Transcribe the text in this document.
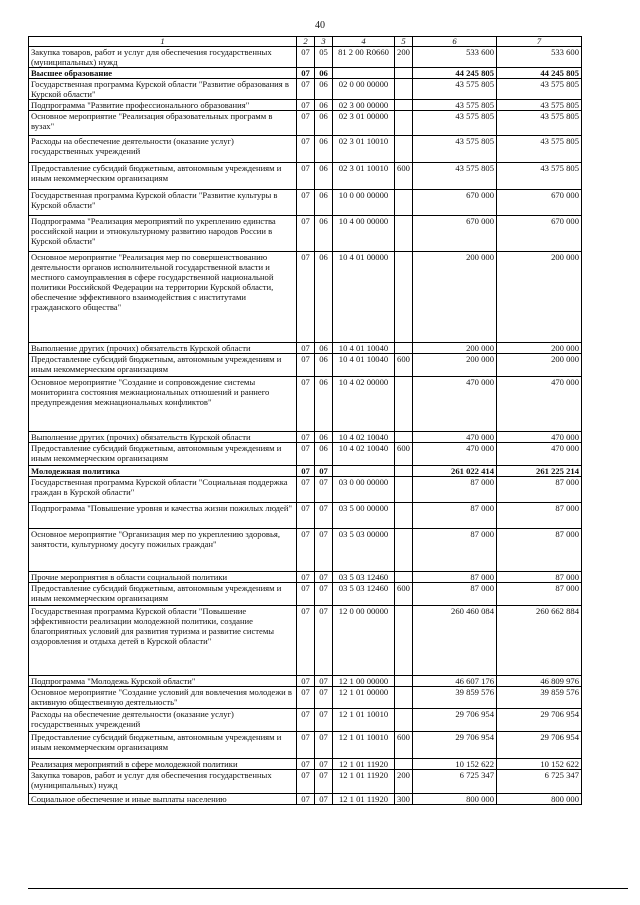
40
1	2	3	4	5	6	7
Закупка товаров, работ и услуг для обеспечения государственных (муниципальных) нужд	07	05	81 2 00 R0660	200	533 600	533 600
Высшее образование	07	06			44 245 805	44 245 805
Государственная программа Курской области "Развитие образования в Курской области"	07	06	02 0 00 00000		43 575 805	43 575 805
Подпрограмма "Развитие профессионального образования"	07	06	02 3 00 00000		43 575 805	43 575 805
Основное мероприятие "Реализация образовательных программ в вузах"	07	06	02 3 01 00000		43 575 805	43 575 805
Расходы на обеспечение деятельности (оказание услуг) государственных учреждений	07	06	02 3 01 10010		43 575 805	43 575 805
Предоставление субсидий бюджетным, автономным учреждениям и иным некоммерческим организациям	07	06	02 3 01 10010	600	43 575 805	43 575 805
Государственная программа Курской области "Развитие культуры в Курской области"	07	06	10 0 00 00000		670 000	670 000
Подпрограмма "Реализация мероприятий по укреплению единства российской нации и этнокультурному развитию народов России в Курской области"	07	06	10 4 00 00000		670 000	670 000
Основное мероприятие "Реализация мер по совершенствованию деятельности органов исполнительной государственной власти и местного самоуправления в сфере государственной национальной политики Российской Федерации на территории Курской области, обеспечение эффективного взаимодействия с институтами гражданского общества"	07	06	10 4 01 00000		200 000	200 000
Выполнение других (прочих) обязательств Курской области	07	06	10 4 01 10040		200 000	200 000
Предоставление субсидий бюджетным, автономным учреждениям и иным некоммерческим организациям	07	06	10 4 01 10040	600	200 000	200 000
Основное мероприятие "Создание и сопровождение системы мониторинга состояния межнациональных отношений и раннего предупреждения межнациональных конфликтов"	07	06	10 4 02 00000		470 000	470 000
Выполнение других (прочих) обязательств Курской области	07	06	10 4 02 10040		470 000	470 000
Предоставление субсидий бюджетным, автономным учреждениям и иным некоммерческим организациям	07	06	10 4 02 10040	600	470 000	470 000
Молодежная политика	07	07			261 022 414	261 225 214
Государственная программа Курской области "Социальная поддержка граждан в Курской области"	07	07	03 0 00 00000		87 000	87 000
Подпрограмма "Повышение уровня и качества жизни пожилых людей"	07	07	03 5 00 00000		87 000	87 000
Основное мероприятие "Организация мер по укреплению здоровья, занятости, культурному досугу пожилых граждан"	07	07	03 5 03 00000		87 000	87 000
Прочие мероприятия в области социальной политики	07	07	03 5 03 12460		87 000	87 000
Предоставление субсидий бюджетным, автономным учреждениям и иным некоммерческим организациям	07	07	03 5 03 12460	600	87 000	87 000
Государственная программа Курской области "Повышение эффективности реализации молодежной политики, создание благоприятных условий для развития туризма и развитие системы оздоровления и отдыха детей в Курской области"	07	07	12 0 00 00000		260 460 084	260 662 884
Подпрограмма "Молодежь Курской области"	07	07	12 1 00 00000		46 607 176	46 809 976
Основное мероприятие "Создание условий для вовлечения молодежи в активную общественную деятельность"	07	07	12 1 01 00000		39 859 576	39 859 576
Расходы на обеспечение деятельности (оказание услуг) государственных учреждений	07	07	12 1 01 10010		29 706 954	29 706 954
Предоставление субсидий бюджетным, автономным учреждениям и иным некоммерческим организациям	07	07	12 1 01 10010	600	29 706 954	29 706 954
Реализация мероприятий в сфере молодежной политики	07	07	12 1 01 11920		10 152 622	10 152 622
Закупка товаров, работ и услуг для обеспечения государственных (муниципальных) нужд	07	07	12 1 01 11920	200	6 725 347	6 725 347
Социальное обеспечение и иные выплаты населению	07	07	12 1 01 11920	300	800 000	800 000
